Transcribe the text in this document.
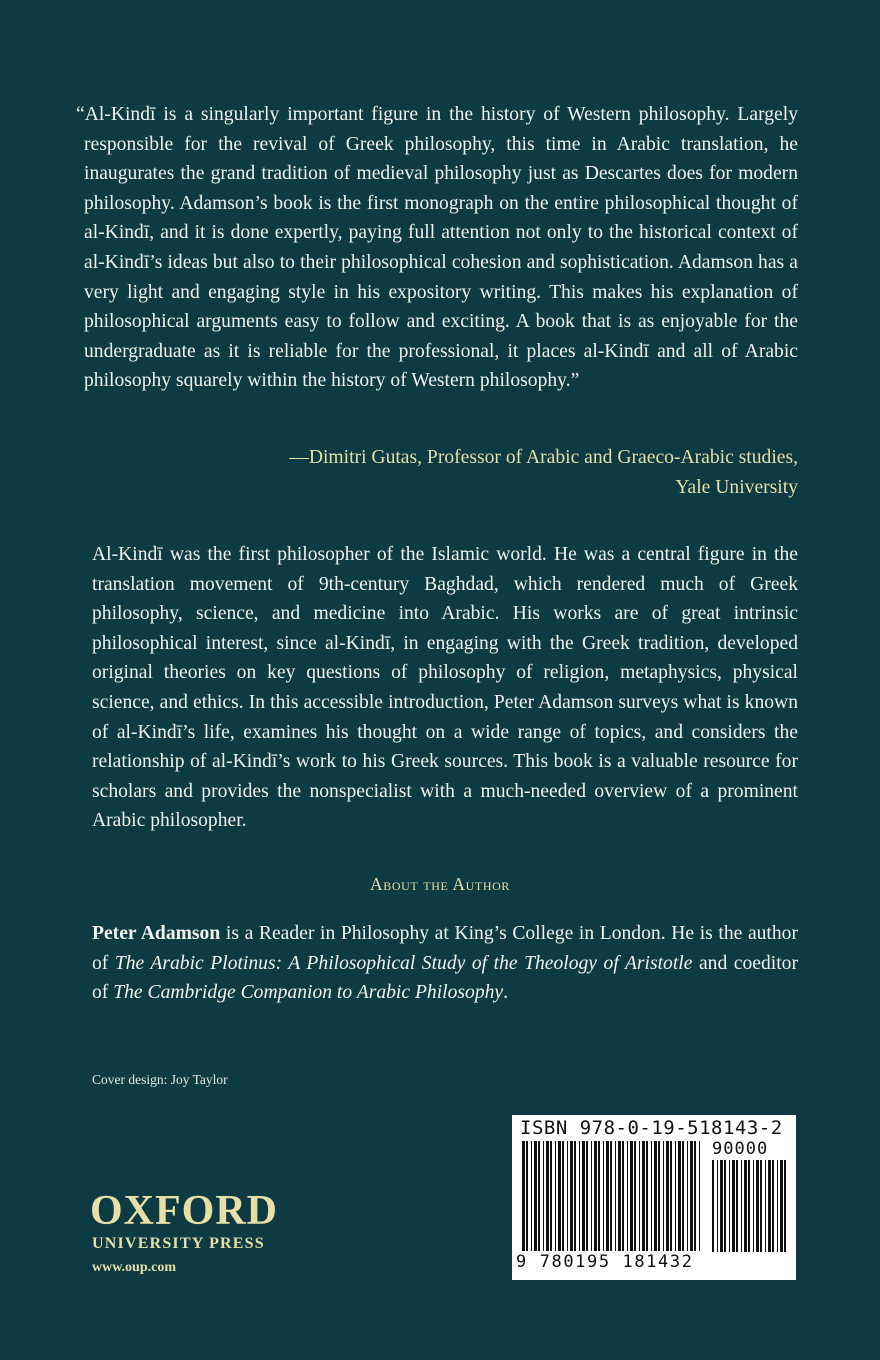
“Al-Kindī is a singularly important figure in the history of Western philosophy. Largely responsible for the revival of Greek philosophy, this time in Arabic translation, he inaugurates the grand tradition of medieval philosophy just as Descartes does for modern philosophy. Adamson’s book is the first monograph on the entire philosophical thought of al-Kindī, and it is done expertly, paying full attention not only to the historical context of al-Kindī’s ideas but also to their philosophical cohesion and sophistication. Adamson has a very light and engaging style in his expository writing. This makes his explanation of philosophical arguments easy to follow and exciting. A book that is as enjoyable for the undergraduate as it is reliable for the professional, it places al-Kindī and all of Arabic philosophy squarely within the history of Western philosophy.”

—Dimitri Gutas, Professor of Arabic and Graeco-Arabic studies,
Yale University

Al-Kindī was the first philosopher of the Islamic world. He was a central figure in the translation movement of 9th-century Baghdad, which rendered much of Greek philosophy, science, and medicine into Arabic. His works are of great intrinsic philosophical interest, since al-Kindī, in engaging with the Greek tradition, developed original theories on key questions of philosophy of religion, metaphysics, physical science, and ethics. In this accessible introduction, Peter Adamson surveys what is known of al-Kindī’s life, examines his thought on a wide range of topics, and considers the relationship of al-Kindī’s work to his Greek sources. This book is a valuable resource for scholars and provides the nonspecialist with a much-needed overview of a prominent Arabic philosopher.

About the Author

Peter Adamson is a Reader in Philosophy at King’s College in London. He is the author of The Arabic Plotinus: A Philosophical Study of the Theology of Aristotle and coeditor of The Cambridge Companion to Arabic Philosophy.

Cover design: Joy Taylor
OXFORD
UNIVERSITY PRESS
www.oup.com
ISBN 978-0-19-518143-2
90000
9 780195 181432
